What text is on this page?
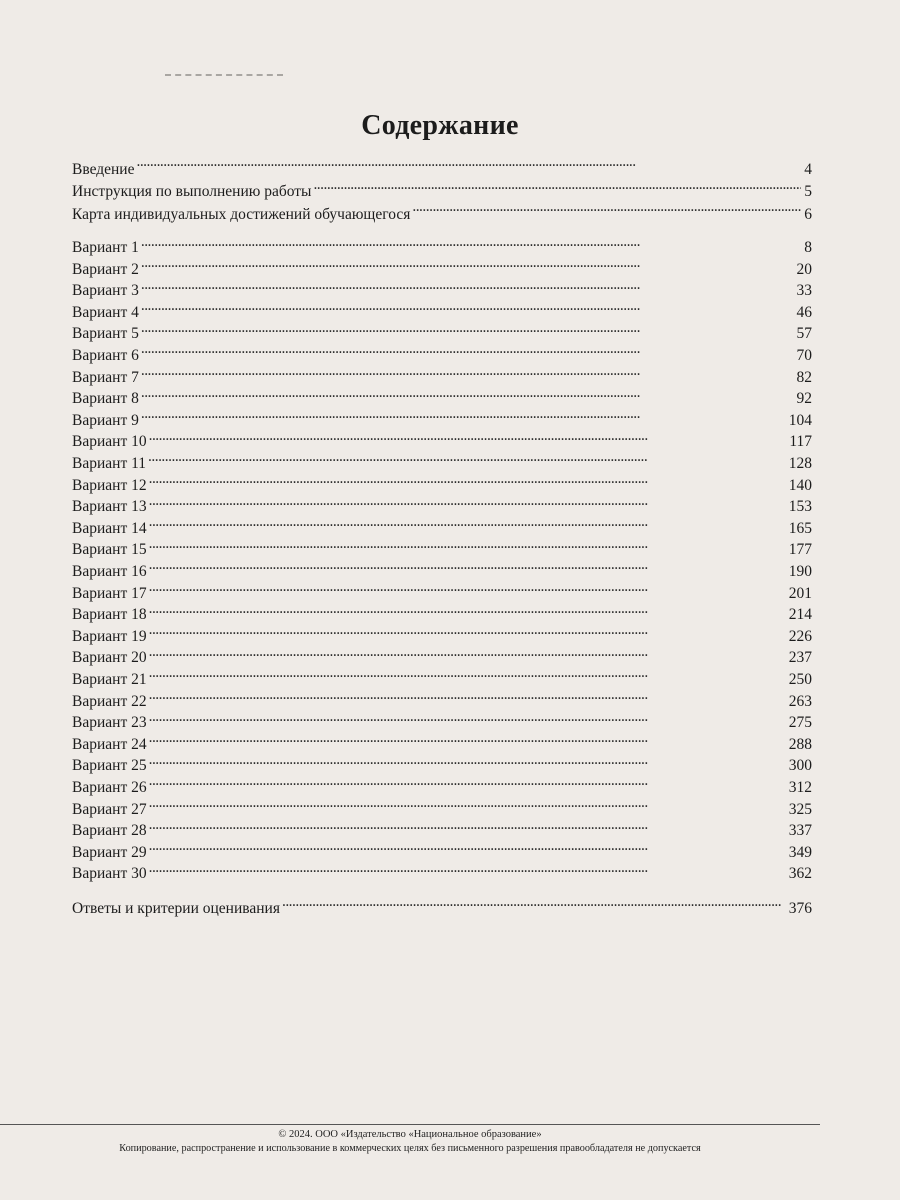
Содержание
Введение . . .	4
Инструкция по выполнению работы . . .	5
Карта индивидуальных достижений обучающегося . . .	6
Вариант 1 . . .	8
Вариант 2 . . .	20
Вариант 3 . . .	33
Вариант 4 . . .	46
Вариант 5 . . .	57
Вариант 6 . . .	70
Вариант 7 . . .	82
Вариант 8 . . .	92
Вариант 9 . . .	104
Вариант 10 . . .	117
Вариант 11 . . .	128
Вариант 12 . . .	140
Вариант 13 . . .	153
Вариант 14 . . .	165
Вариант 15 . . .	177
Вариант 16 . . .	190
Вариант 17 . . .	201
Вариант 18 . . .	214
Вариант 19 . . .	226
Вариант 20 . . .	237
Вариант 21 . . .	250
Вариант 22 . . .	263
Вариант 23 . . .	275
Вариант 24 . . .	288
Вариант 25 . . .	300
Вариант 26 . . .	312
Вариант 27 . . .	325
Вариант 28 . . .	337
Вариант 29 . . .	349
Вариант 30 . . .	362
Ответы и критерии оценивания . . .	376
© 2024. ООО «Издательство «Национальное образование»
Копирование, распространение и использование в коммерческих целях без письменного разрешения правообладателя не допускается
